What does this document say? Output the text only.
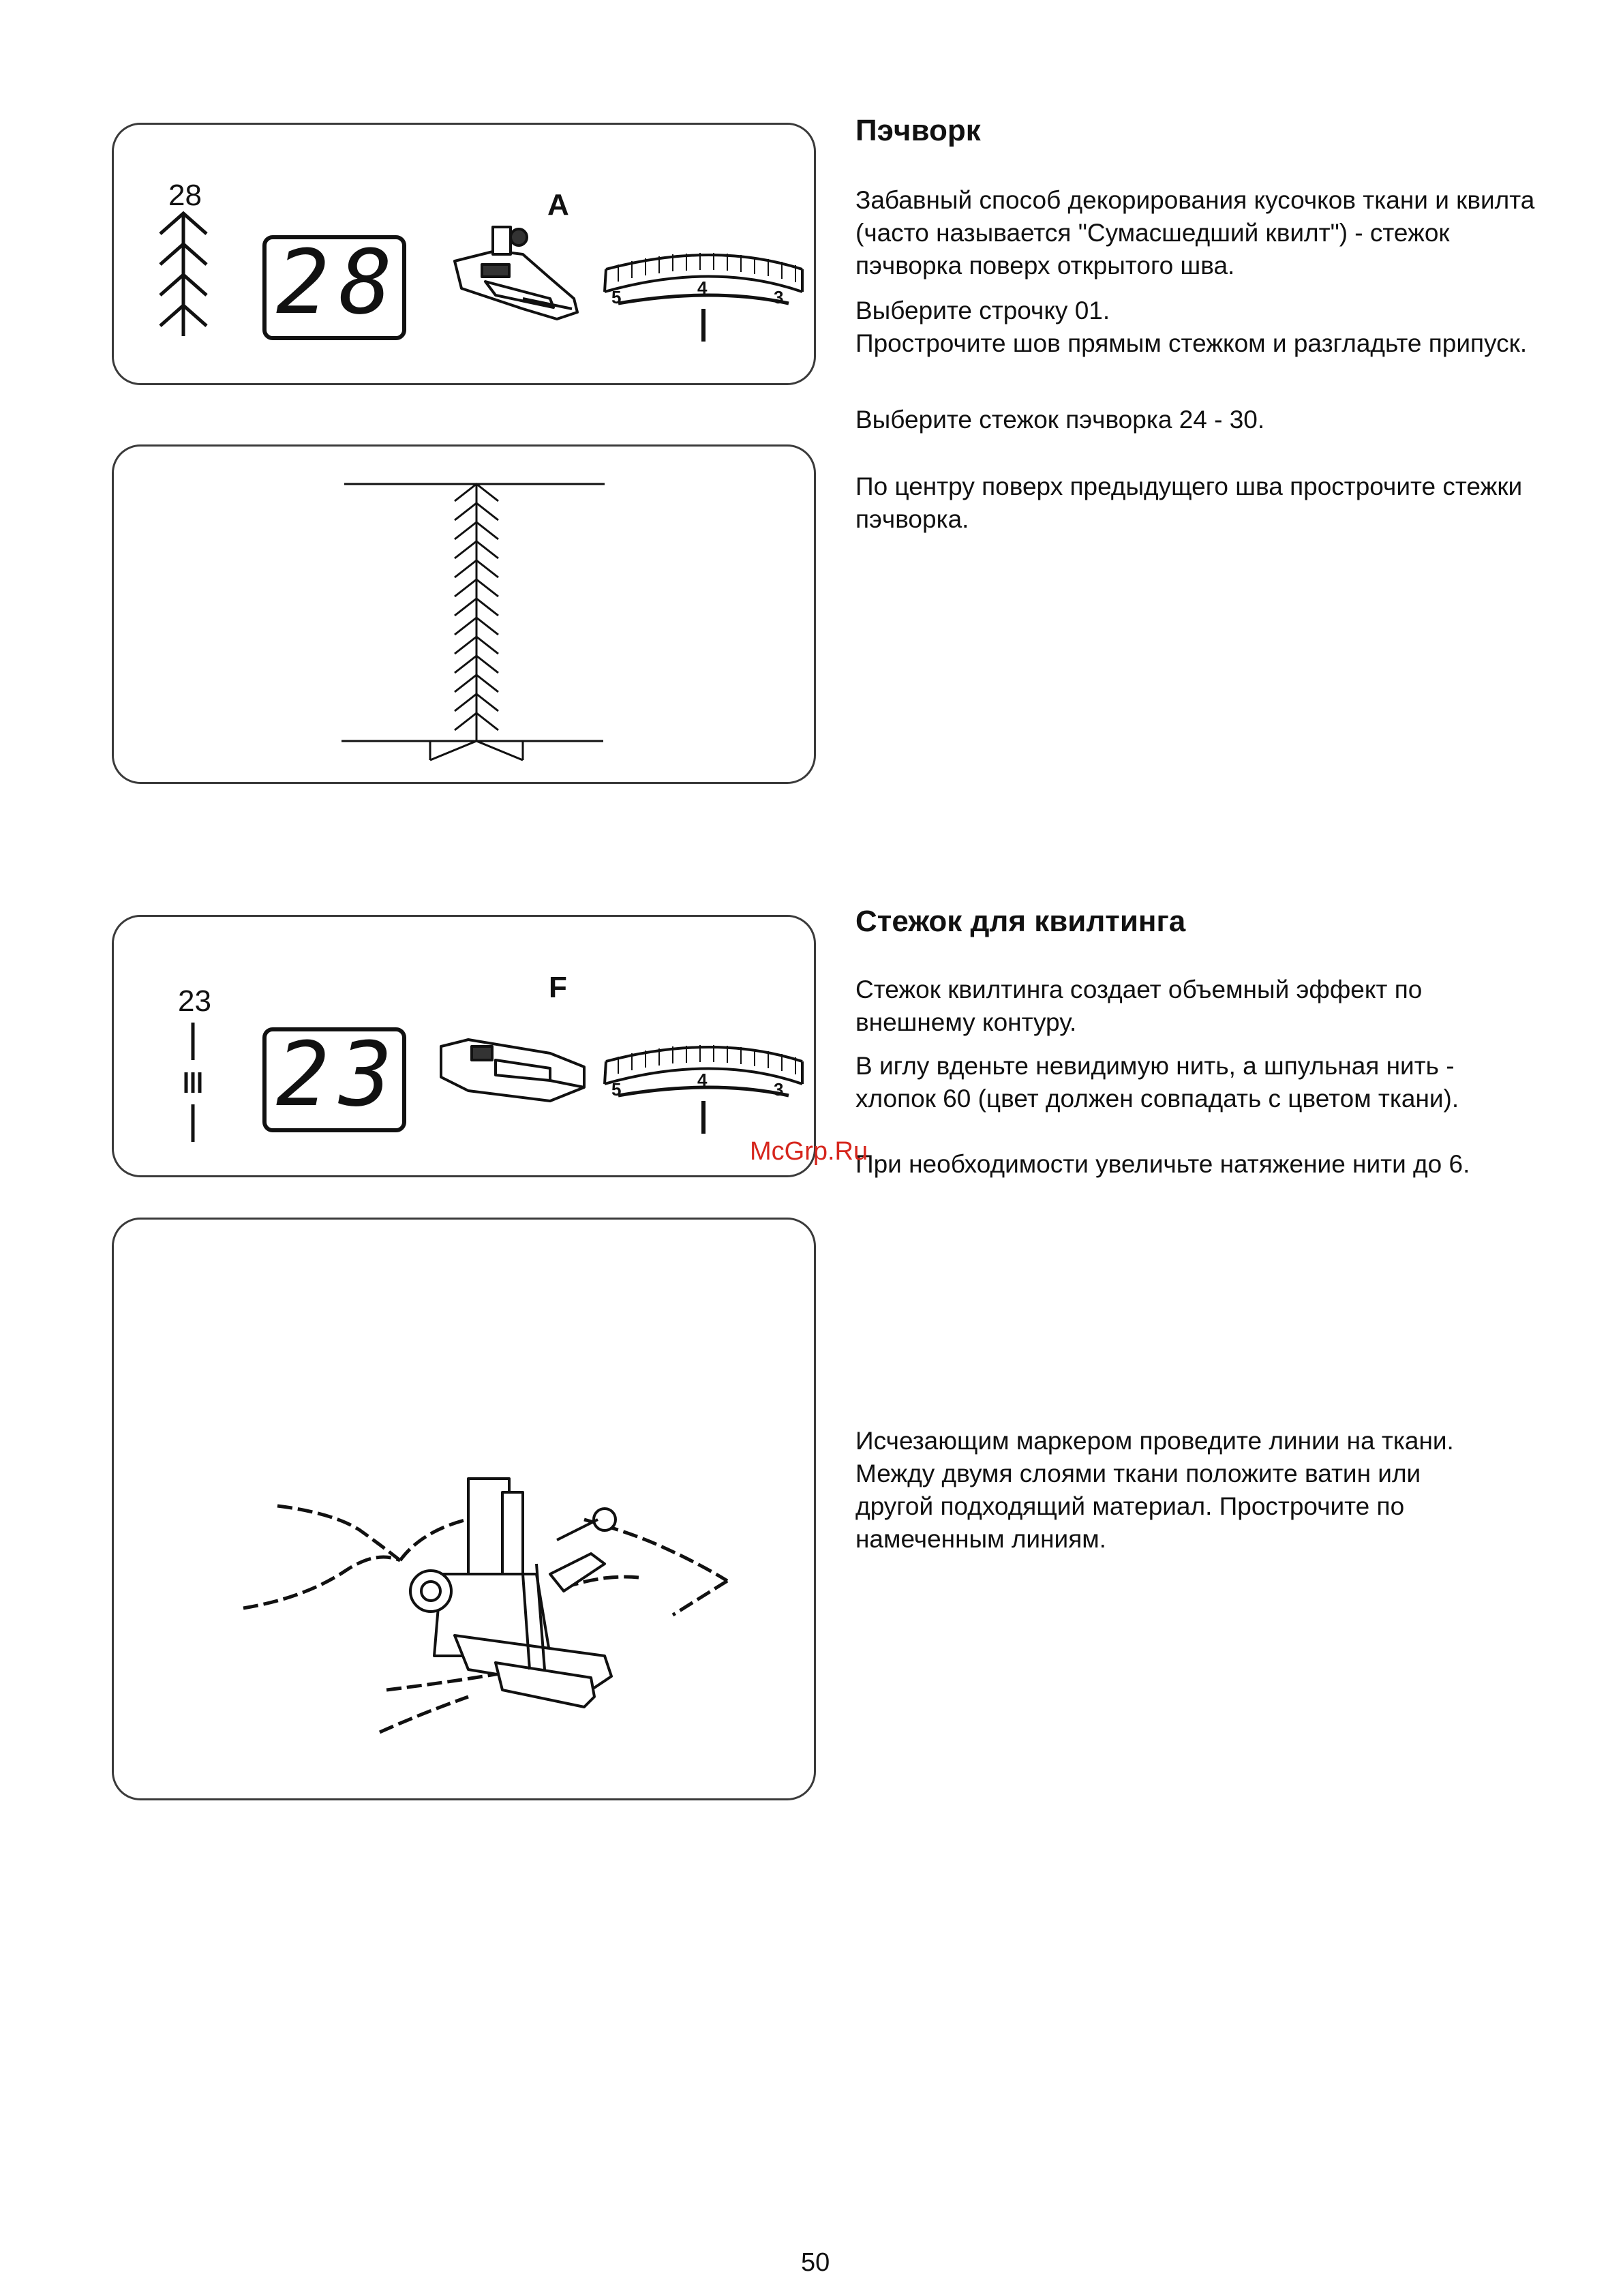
28
28
A
5	4	3
Пэчворк

Забавный способ декорирования кусочков ткани и квилта (часто называется "Сумасшедший квилт") - стежок пэчворка поверх открытого шва.

Выберите строчку 01.

Прострочите шов прямым стежком и разгладьте припуск.

Выберите стежок пэчворка 24 - 30.

По центру поверх предыдущего шва прострочите стежки пэчворка.

23
23
F
5	4	3
Стежок для квилтинга

Стежок квилтинга создает объемный эффект по внешнему контуру.

В иглу вденьте невидимую нить, а шпульная нить - хлопок 60 (цвет должен совпадать с цветом ткани).

При необходимости увеличьте натяжение нити до 6.

Исчезающим маркером проведите линии на ткани. Между двумя слоями ткани положите ватин или другой подходящий материал. Прострочите по намеченным линиям.

McGrp.Ru
50
